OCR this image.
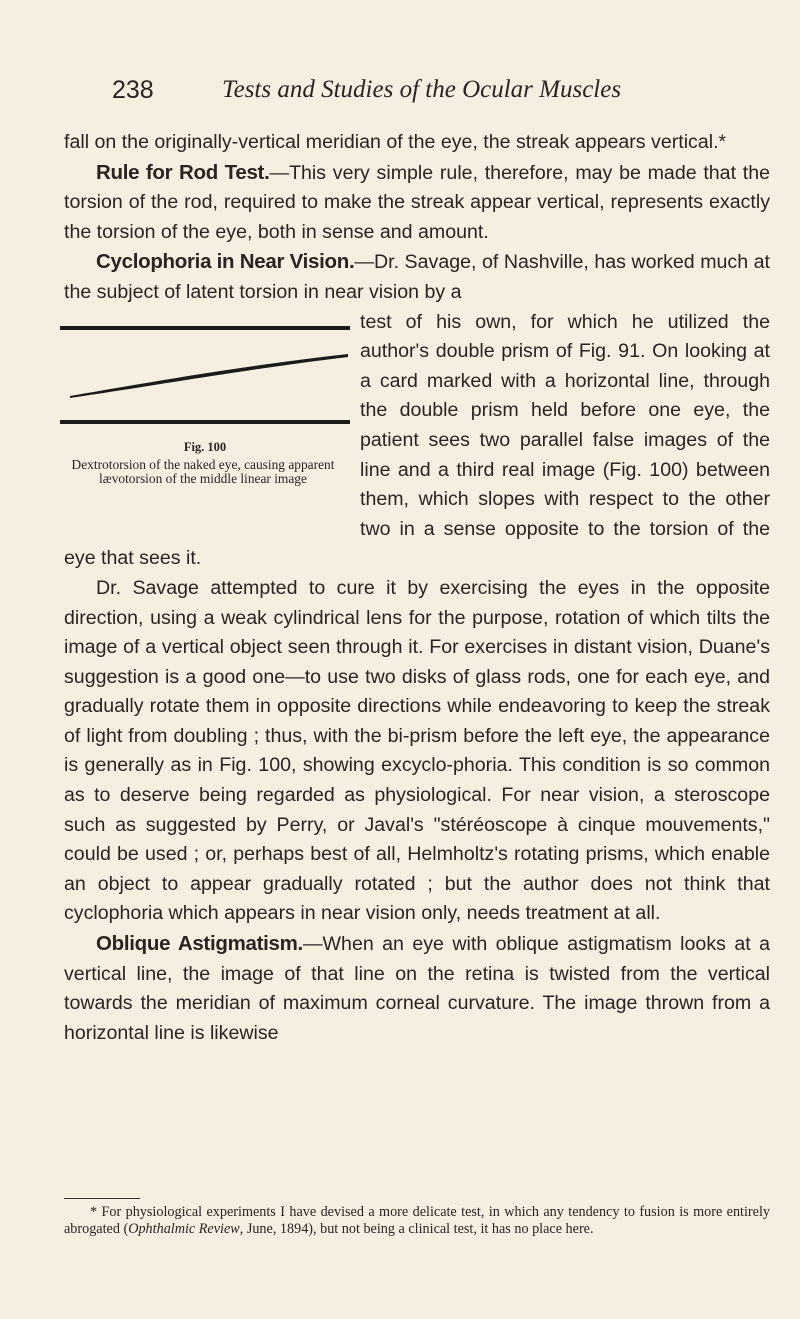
238	Tests and Studies of the Ocular Muscles

fall on the originally-vertical meridian of the eye, the streak appears vertical.*

Rule for Rod Test.—This very simple rule, therefore, may be made that the torsion of the rod, required to make the streak appear vertical, represents exactly the torsion of the eye, both in sense and amount.

Cyclophoria in Near Vision.—Dr. Savage, of Nashville, has worked much at the subject of latent torsion in near vision by a

Fig. 100
Dextrotorsion of the naked eye, causing apparent lævotorsion of the middle linear image

test of his own, for which he utilized the author's double prism of Fig. 91. On looking at a card marked with a horizontal line, through the double prism held before one eye, the patient sees two parallel false images of the line and a third real image (Fig. 100) between them, which slopes with respect to the other two in a sense opposite to the torsion of the eye that sees it.

Dr. Savage attempted to cure it by exercising the eyes in the opposite direction, using a weak cylindrical lens for the purpose, rotation of which tilts the image of a vertical object seen through it. For exercises in distant vision, Duane's suggestion is a good one—to use two disks of glass rods, one for each eye, and gradually rotate them in opposite directions while endeavoring to keep the streak of light from doubling ; thus, with the bi-prism before the left eye, the appearance is generally as in Fig. 100, showing excyclo-phoria. This condition is so common as to deserve being regarded as physiological. For near vision, a steroscope such as suggested by Perry, or Javal's "stéréoscope à cinque mouvements," could be used ; or, perhaps best of all, Helmholtz's rotating prisms, which enable an object to appear gradually rotated ; but the author does not think that cyclophoria which appears in near vision only, needs treatment at all.

Oblique Astigmatism.—When an eye with oblique astigmatism looks at a vertical line, the image of that line on the retina is twisted from the vertical towards the meridian of maximum corneal curvature. The image thrown from a horizontal line is likewise

* For physiological experiments I have devised a more delicate test, in which any tendency to fusion is more entirely abrogated (Ophthalmic Review, June, 1894), but not being a clinical test, it has no place here.
